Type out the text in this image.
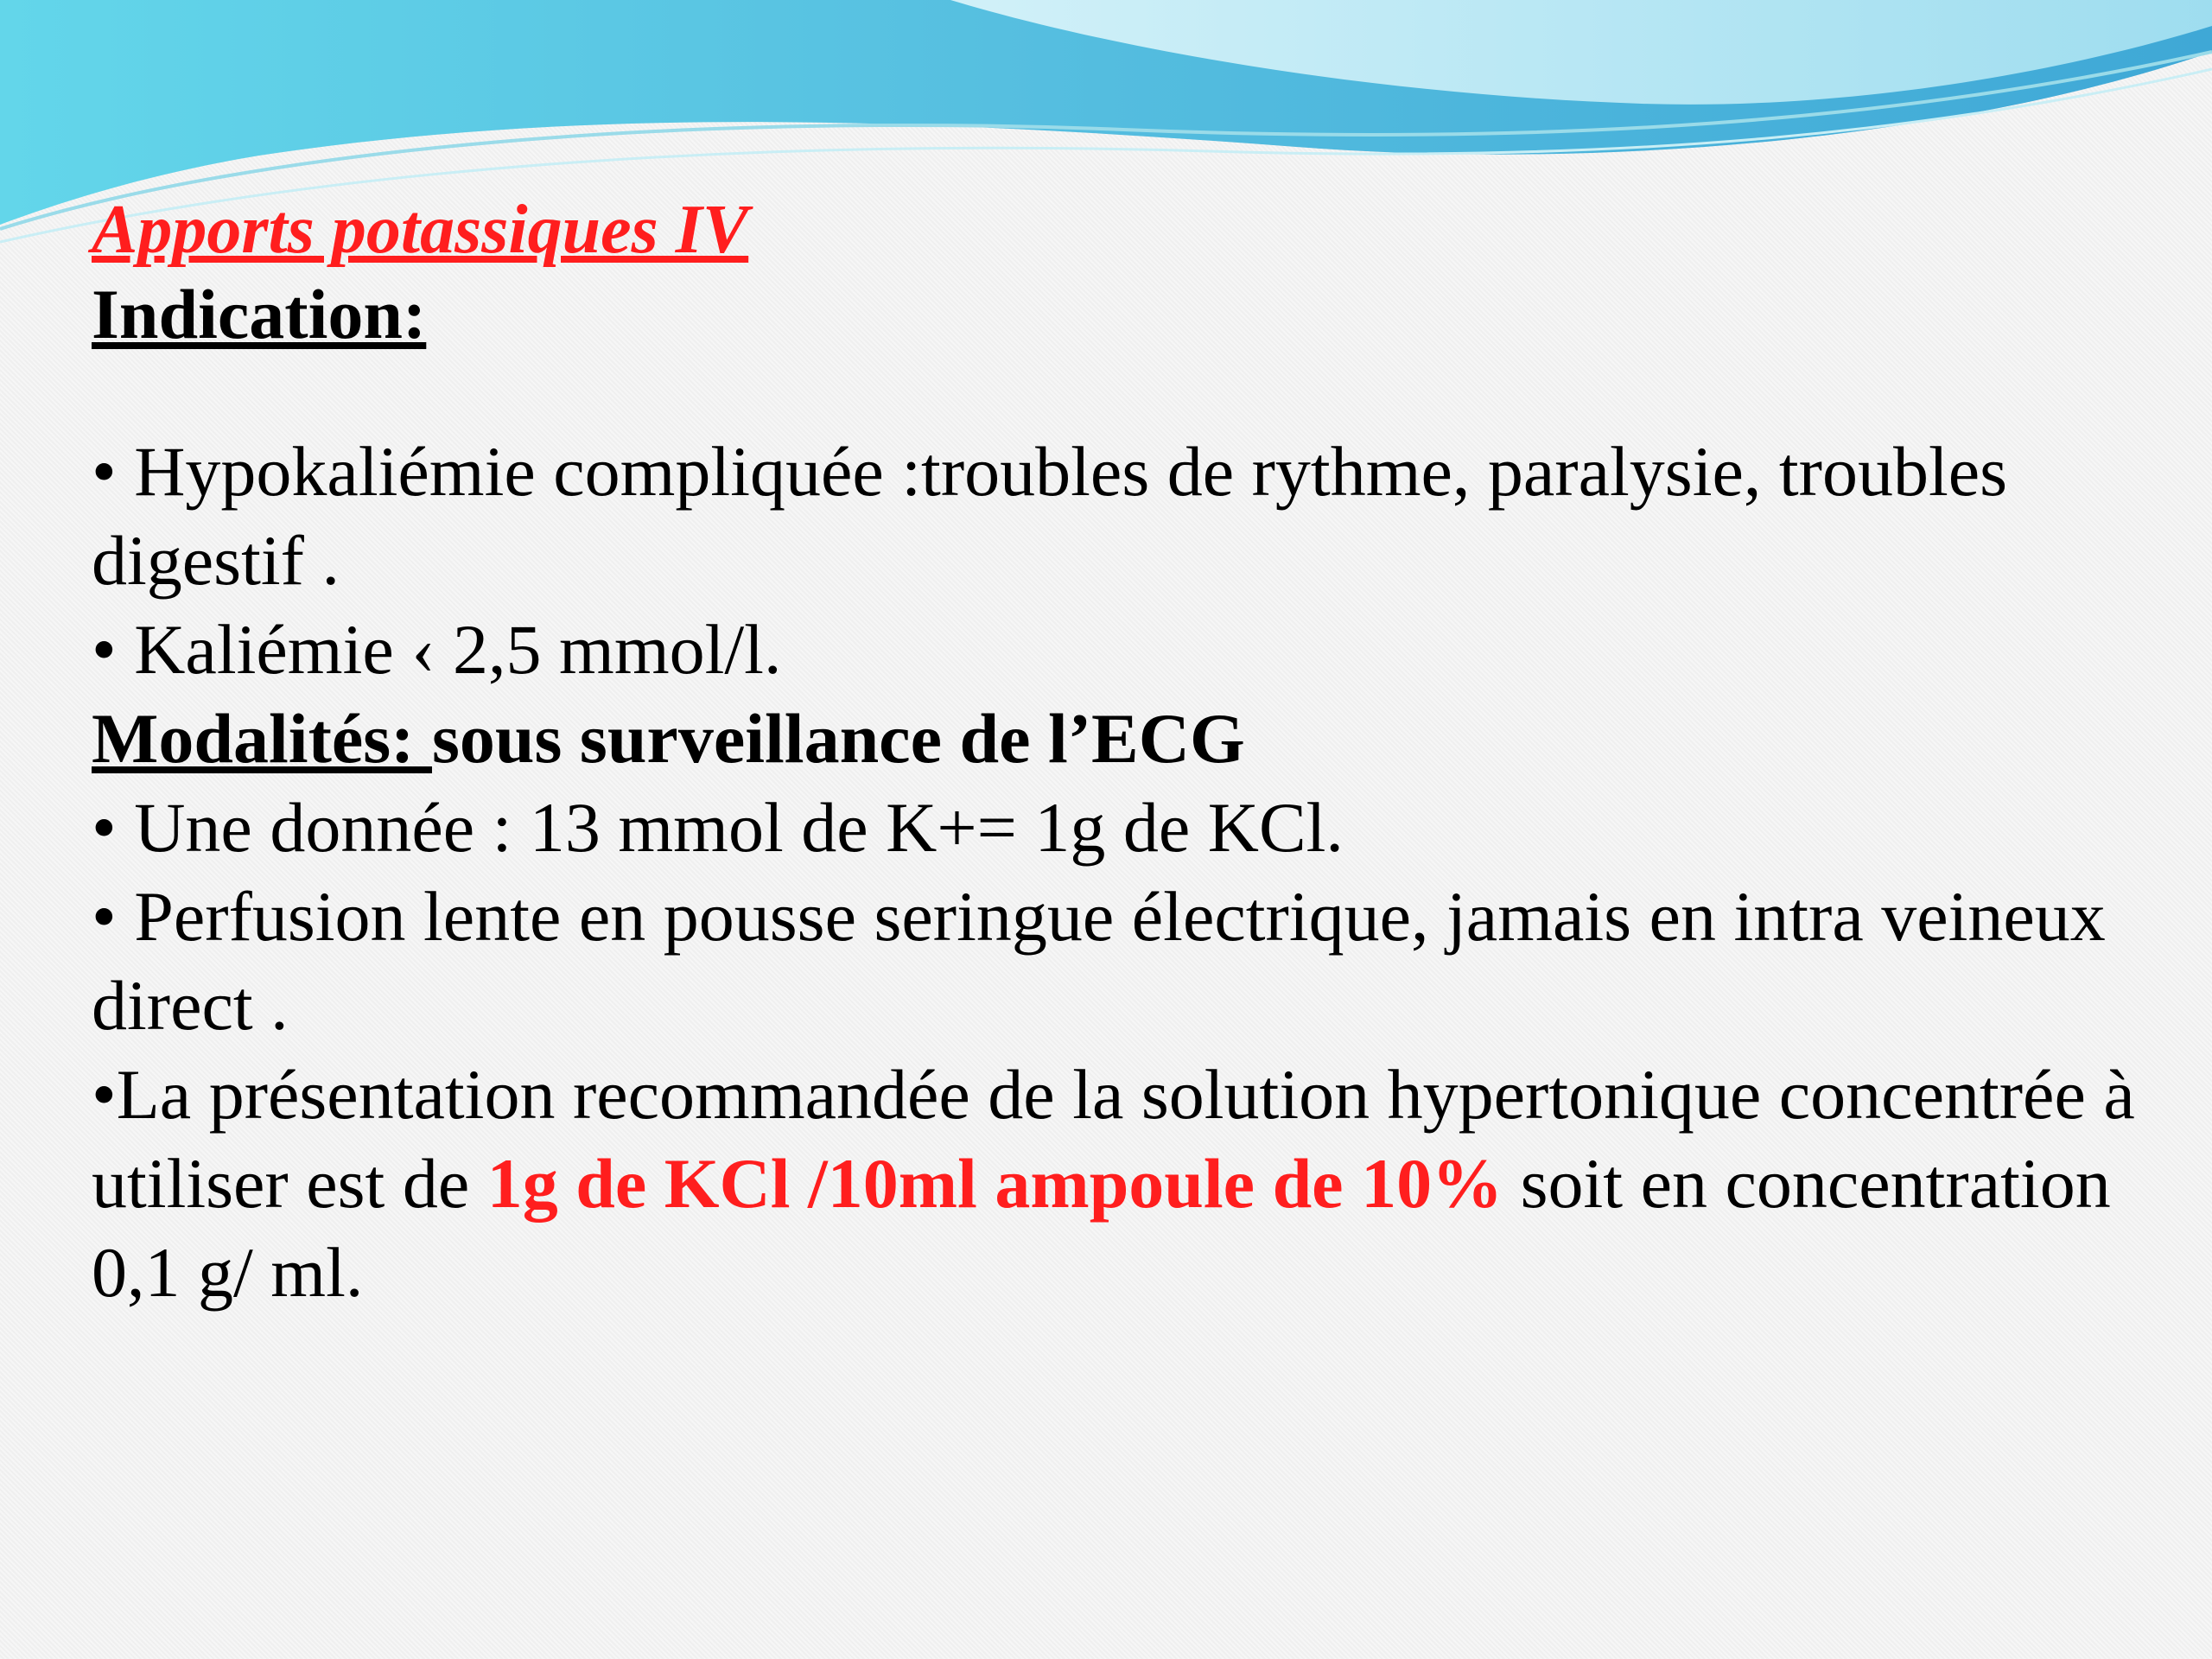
Apports potassiques IV
Indication:

• Hypokaliémie compliquée :troubles de rythme, paralysie, troubles digestif .

• Kaliémie ‹ 2,5 mmol/l.

Modalités: sous surveillance de l’ECG

• Une donnée : 13 mmol de K+= 1g de KCl.

• Perfusion lente en pousse seringue électrique, jamais en intra veineux direct .

•La présentation recommandée de la solution hypertonique concentrée à utiliser est de 1g de KCl /10ml ampoule de 10% soit en concentration 0,1 g/ ml.
